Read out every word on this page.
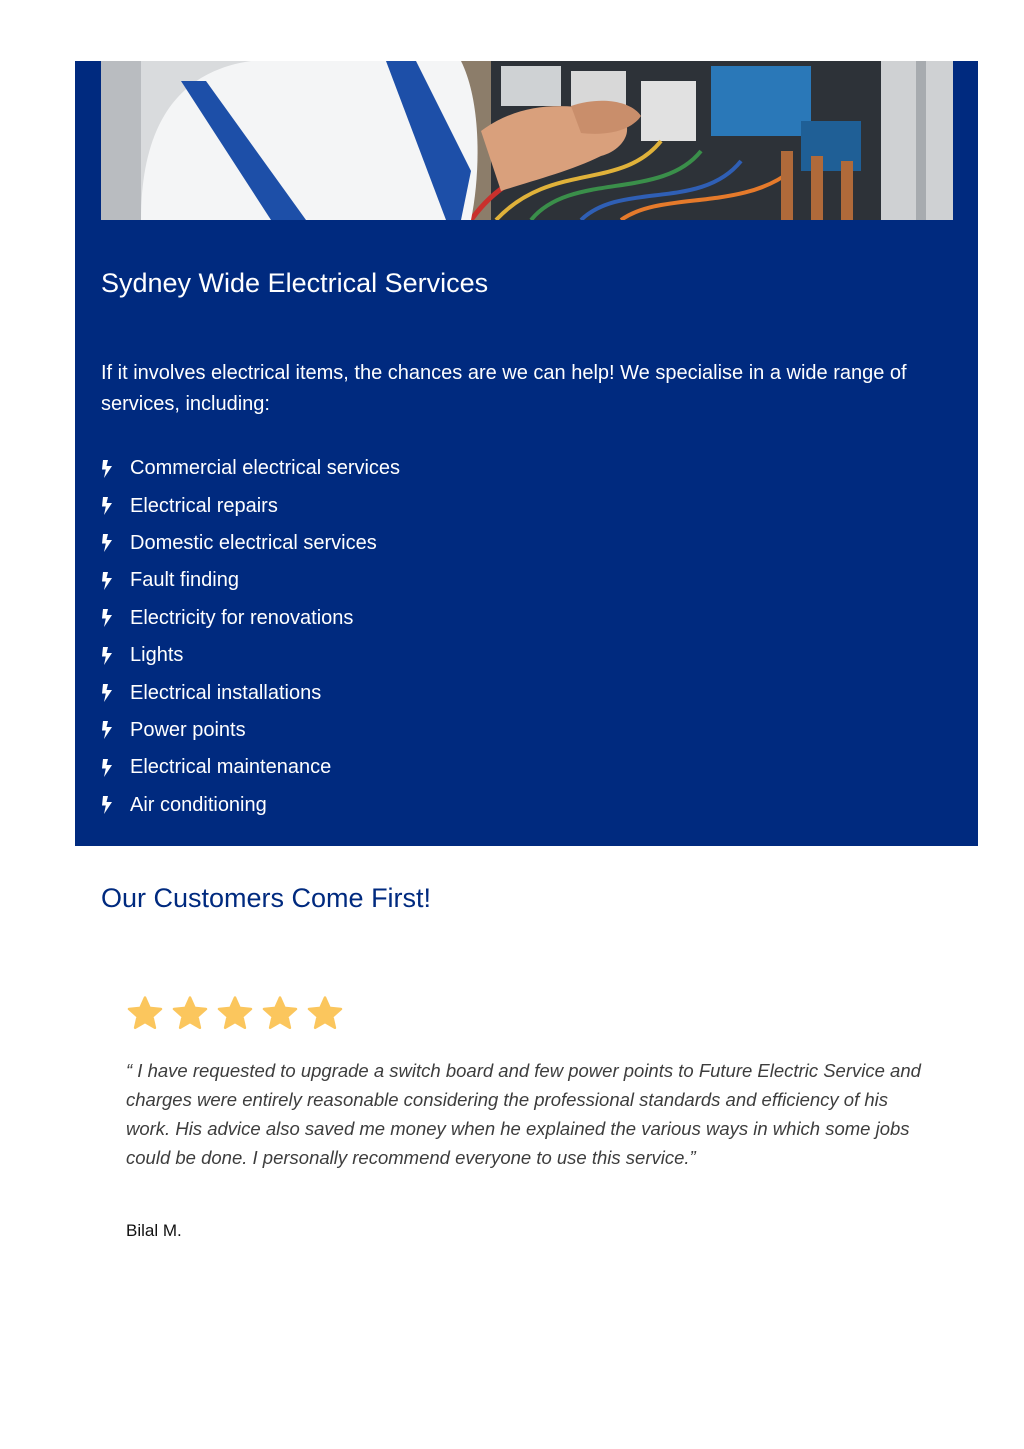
Sydney Wide Electrical Services

If it involves electrical items, the chances are we can help! We specialise in a wide range of services, including:

Commercial electrical services
Electrical repairs
Domestic electrical services
Fault finding
Electricity for renovations
Lights
Electrical installations
Power points
Electrical maintenance
Air conditioning
Our Customers Come First!

“ I have requested to upgrade a switch board and few power points to Future Electric Service and charges were entirely reasonable considering the professional standards and efficiency of his work. His advice also saved me money when he explained the various ways in which some jobs could be done. I personally recommend everyone to use this service.”

Bilal M.
